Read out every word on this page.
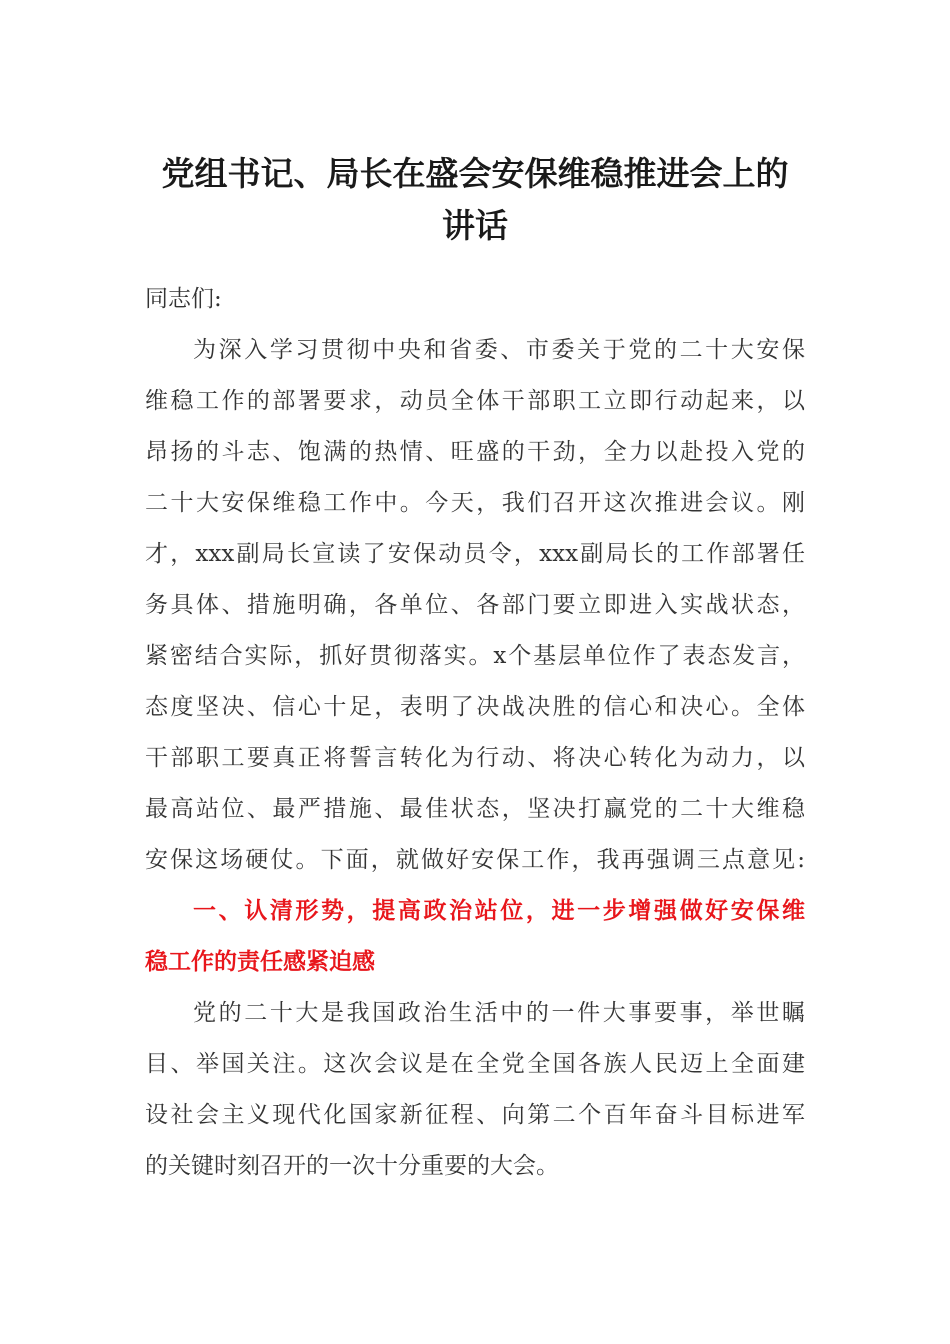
党组书记、局长在盛会安保维稳推进会上的
讲话
同志们:
为深入学习贯彻中央和省委、市委关于党的二十大安保
维稳工作的部署要求，动员全体干部职工立即行动起来，以
昂扬的斗志、饱满的热情、旺盛的干劲，全力以赴投入党的
二十大安保维稳工作中。今天，我们召开这次推进会议。刚
才，xxx副局长宣读了安保动员令，xxx副局长的工作部署任
务具体、措施明确，各单位、各部门要立即进入实战状态，
紧密结合实际，抓好贯彻落实。x个基层单位作了表态发言，
态度坚决、信心十足，表明了决战决胜的信心和决心。全体
干部职工要真正将誓言转化为行动、将决心转化为动力，以
最高站位、最严措施、最佳状态，坚决打赢党的二十大维稳
安保这场硬仗。下面，就做好安保工作，我再强调三点意见:
一、认清形势，提高政治站位，进一步增强做好安保维
稳工作的责任感紧迫感
党的二十大是我国政治生活中的一件大事要事，举世瞩
目、举国关注。这次会议是在全党全国各族人民迈上全面建
设社会主义现代化国家新征程、向第二个百年奋斗目标进军
的关键时刻召开的一次十分重要的大会。
